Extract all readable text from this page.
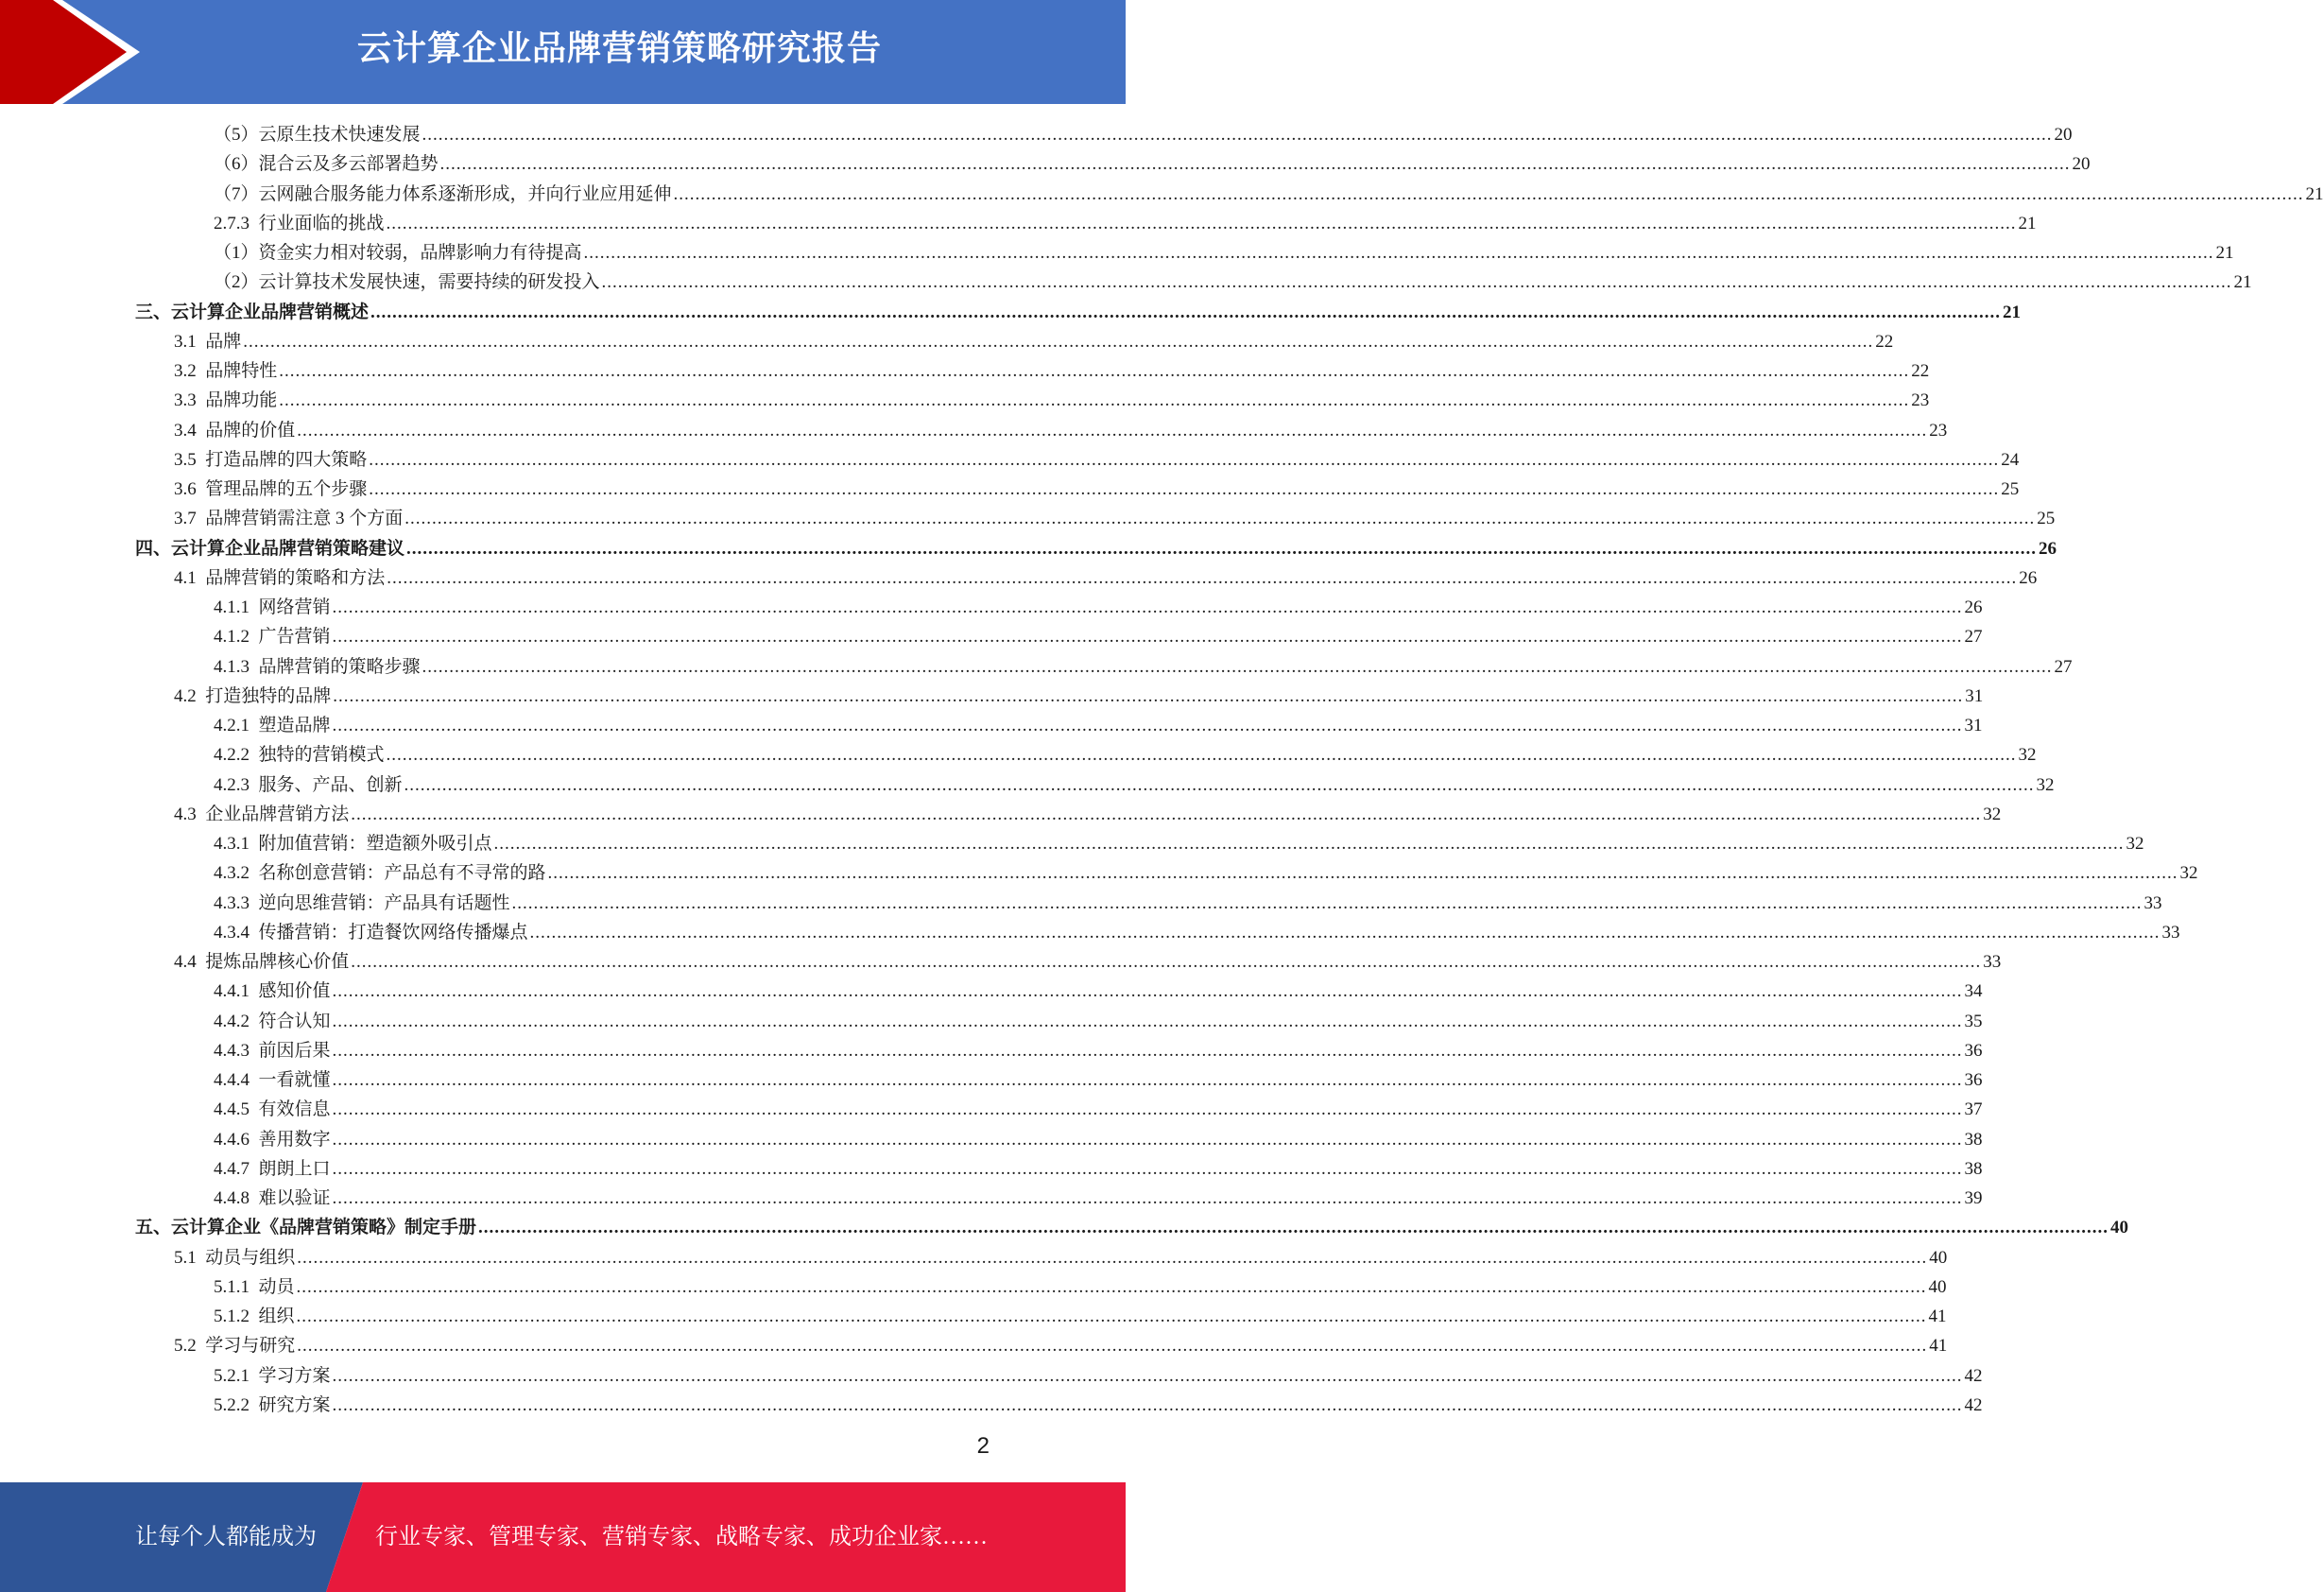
云计算企业品牌营销策略研究报告
（5）云原生技术快速发展 ............................................................................................................................................................................................................................................................................................................ 20
（6）混合云及多云部署趋势 ............................................................................................................................................................................................................................................................................................................ 20
（7）云网融合服务能力体系逐渐形成，并向行业应用延伸 ............................................................................................................................................................................................................................................................................................................ 21
2.7.3  行业面临的挑战 ............................................................................................................................................................................................................................................................................................................ 21
（1）资金实力相对较弱，品牌影响力有待提高 ............................................................................................................................................................................................................................................................................................................ 21
（2）云计算技术发展快速，需要持续的研发投入 ............................................................................................................................................................................................................................................................................................................ 21
三、云计算企业品牌营销概述 ............................................................................................................................................................................................................................................................................................................ 21
3.1  品牌 ............................................................................................................................................................................................................................................................................................................ 22
3.2  品牌特性 ............................................................................................................................................................................................................................................................................................................ 22
3.3  品牌功能 ............................................................................................................................................................................................................................................................................................................ 23
3.4  品牌的价值 ............................................................................................................................................................................................................................................................................................................ 23
3.5  打造品牌的四大策略 ............................................................................................................................................................................................................................................................................................................ 24
3.6  管理品牌的五个步骤 ............................................................................................................................................................................................................................................................................................................ 25
3.7  品牌营销需注意 3 个方面 ............................................................................................................................................................................................................................................................................................................ 25
四、云计算企业品牌营销策略建议 ............................................................................................................................................................................................................................................................................................................ 26
4.1  品牌营销的策略和方法 ............................................................................................................................................................................................................................................................................................................ 26
4.1.1  网络营销 ............................................................................................................................................................................................................................................................................................................ 26
4.1.2  广告营销 ............................................................................................................................................................................................................................................................................................................ 27
4.1.3  品牌营销的策略步骤 ............................................................................................................................................................................................................................................................................................................ 27
4.2  打造独特的品牌 ............................................................................................................................................................................................................................................................................................................ 31
4.2.1  塑造品牌 ............................................................................................................................................................................................................................................................................................................ 31
4.2.2  独特的营销模式 ............................................................................................................................................................................................................................................................................................................ 32
4.2.3  服务、产品、创新 ............................................................................................................................................................................................................................................................................................................ 32
4.3  企业品牌营销方法 ............................................................................................................................................................................................................................................................................................................ 32
4.3.1  附加值营销：塑造额外吸引点 ............................................................................................................................................................................................................................................................................................................ 32
4.3.2  名称创意营销：产品总有不寻常的路 ............................................................................................................................................................................................................................................................................................................ 32
4.3.3  逆向思维营销：产品具有话题性 ............................................................................................................................................................................................................................................................................................................ 33
4.3.4  传播营销：打造餐饮网络传播爆点 ............................................................................................................................................................................................................................................................................................................ 33
4.4  提炼品牌核心价值 ............................................................................................................................................................................................................................................................................................................ 33
4.4.1  感知价值 ............................................................................................................................................................................................................................................................................................................ 34
4.4.2  符合认知 ............................................................................................................................................................................................................................................................................................................ 35
4.4.3  前因后果 ............................................................................................................................................................................................................................................................................................................ 36
4.4.4  一看就懂 ............................................................................................................................................................................................................................................................................................................ 36
4.4.5  有效信息 ............................................................................................................................................................................................................................................................................................................ 37
4.4.6  善用数字 ............................................................................................................................................................................................................................................................................................................ 38
4.4.7  朗朗上口 ............................................................................................................................................................................................................................................................................................................ 38
4.4.8  难以验证 ............................................................................................................................................................................................................................................................................................................ 39
五、云计算企业《品牌营销策略》制定手册 ............................................................................................................................................................................................................................................................................................................ 40
5.1  动员与组织 ............................................................................................................................................................................................................................................................................................................ 40
5.1.1  动员 ............................................................................................................................................................................................................................................................................................................ 40
5.1.2  组织 ............................................................................................................................................................................................................................................................................................................ 41
5.2  学习与研究 ............................................................................................................................................................................................................................................................................................................ 41
5.2.1  学习方案 ............................................................................................................................................................................................................................................................................................................ 42
5.2.2  研究方案 ............................................................................................................................................................................................................................................................................................................ 42
2
让每个人都能成为	行业专家、管理专家、营销专家、战略专家、成功企业家……
